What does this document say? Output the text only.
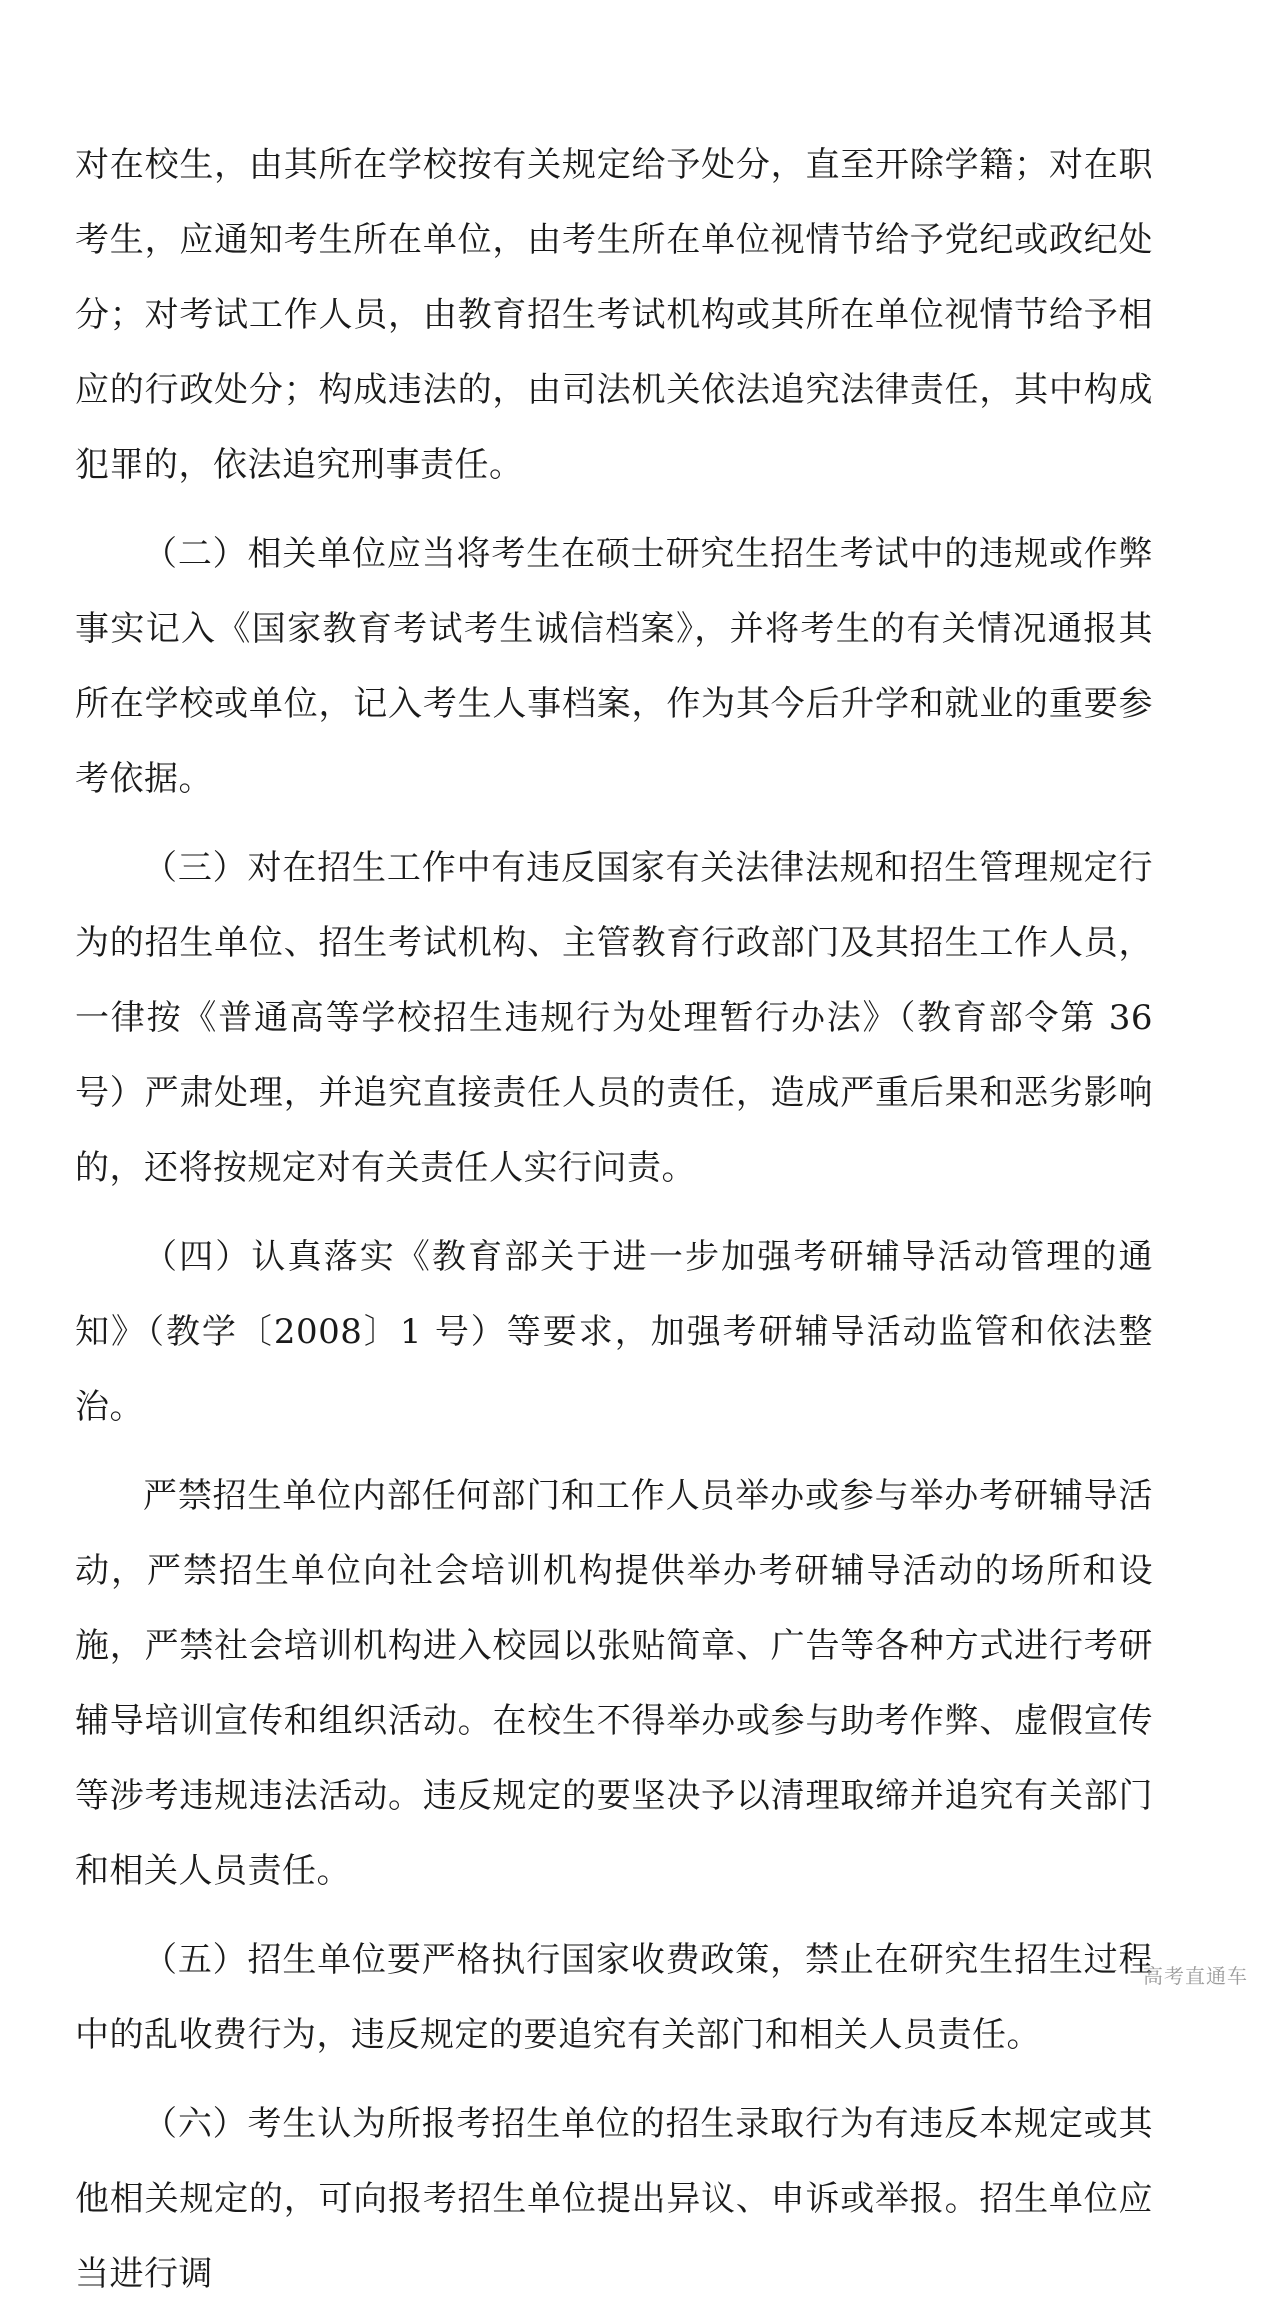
对在校生，由其所在学校按有关规定给予处分，直至开除学籍；对在职考生，应通知考生所在单位，由考生所在单位视情节给予党纪或政纪处分；对考试工作人员，由教育招生考试机构或其所在单位视情节给予相应的行政处分；构成违法的，由司法机关依法追究法律责任，其中构成犯罪的，依法追究刑事责任。

（二）相关单位应当将考生在硕士研究生招生考试中的违规或作弊事实记入《国家教育考试考生诚信档案》，并将考生的有关情况通报其所在学校或单位，记入考生人事档案，作为其今后升学和就业的重要参考依据。

（三）对在招生工作中有违反国家有关法律法规和招生管理规定行为的招生单位、招生考试机构、主管教育行政部门及其招生工作人员，一律按《普通高等学校招生违规行为处理暂行办法》（教育部令第 36 号）严肃处理，并追究直接责任人员的责任，造成严重后果和恶劣影响的，还将按规定对有关责任人实行问责。

（四）认真落实《教育部关于进一步加强考研辅导活动管理的通知》（教学〔2008〕1 号）等要求，加强考研辅导活动监管和依法整治。

严禁招生单位内部任何部门和工作人员举办或参与举办考研辅导活动，严禁招生单位向社会培训机构提供举办考研辅导活动的场所和设施，严禁社会培训机构进入校园以张贴简章、广告等各种方式进行考研辅导培训宣传和组织活动。在校生不得举办或参与助考作弊、虚假宣传等涉考违规违法活动。违反规定的要坚决予以清理取缔并追究有关部门和相关人员责任。

（五）招生单位要严格执行国家收费政策，禁止在研究生招生过程中的乱收费行为，违反规定的要追究有关部门和相关人员责任。

（六）考生认为所报考招生单位的招生录取行为有违反本规定或其他相关规定的，可向报考招生单位提出异议、申诉或举报。招生单位应当进行调

高考直通车
